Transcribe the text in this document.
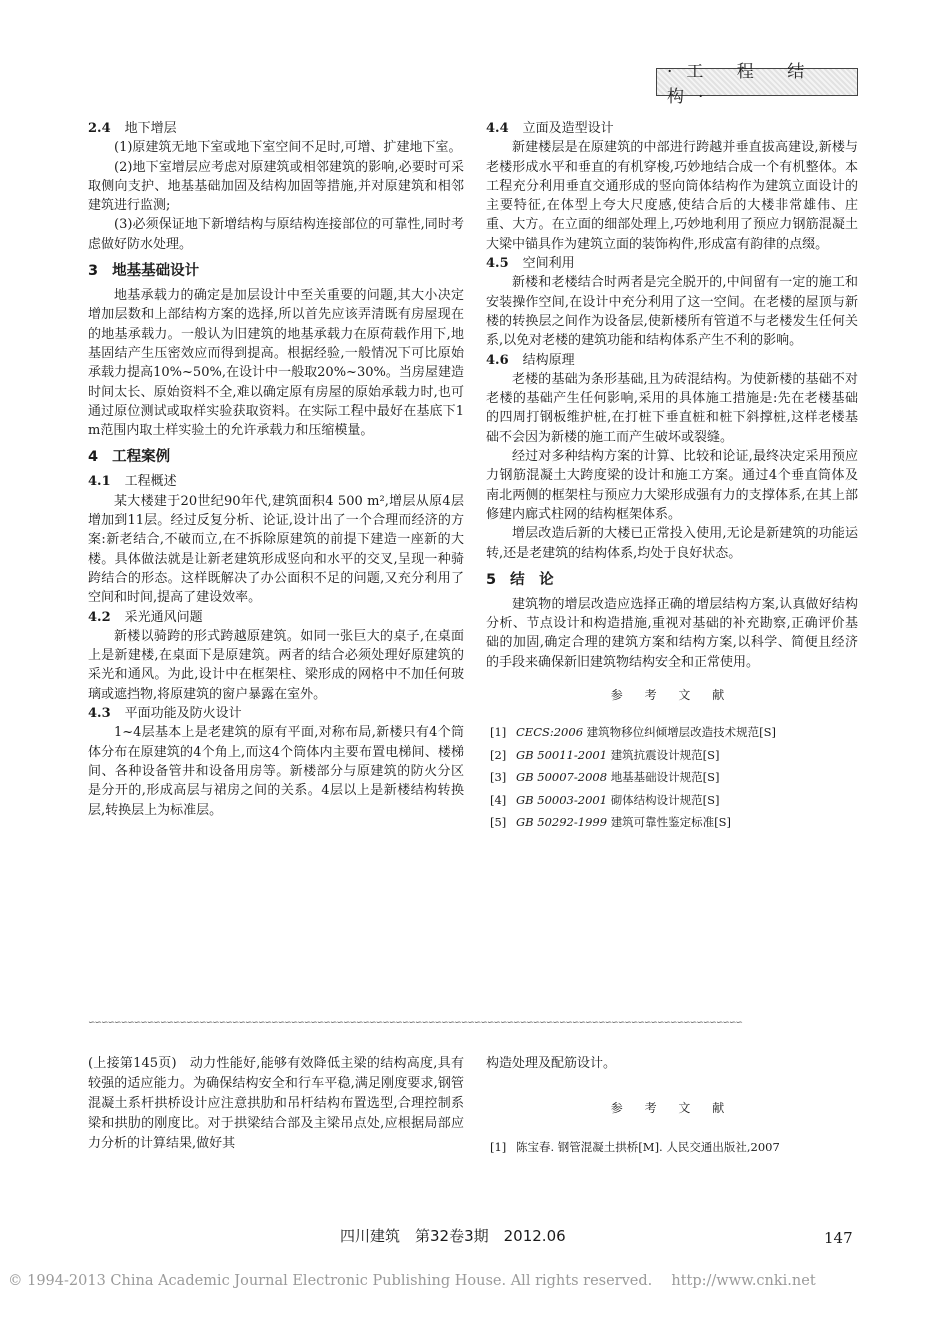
·工 程 结 构·
2.4 地下增层

(1)原建筑无地下室或地下室空间不足时,可增、扩建地下室。

(2)地下室增层应考虑对原建筑或相邻建筑的影响,必要时可采取侧向支护、地基基础加固及结构加固等措施,并对原建筑和相邻建筑进行监测;

(3)必须保证地下新增结构与原结构连接部位的可靠性,同时考虑做好防水处理。

3 地基基础设计

地基承载力的确定是加层设计中至关重要的问题,其大小决定增加层数和上部结构方案的选择,所以首先应该弄清既有房屋现在的地基承载力。一般认为旧建筑的地基承载力在原荷载作用下,地基固结产生压密效应而得到提高。根据经验,一般情况下可比原始承载力提高10%~50%,在设计中一般取20%~30%。当房屋建造时间太长、原始资料不全,难以确定原有房屋的原始承载力时,也可通过原位测试或取样实验获取资料。在实际工程中最好在基底下1 m范围内取土样实验土的允许承载力和压缩模量。

4 工程案例
4.1 工程概述

某大楼建于20世纪90年代,建筑面积4 500 m²,增层从原4层增加到11层。经过反复分析、论证,设计出了一个合理而经济的方案:新老结合,不破而立,在不拆除原建筑的前提下建造一座新的大楼。具体做法就是让新老建筑形成竖向和水平的交叉,呈现一种骑跨结合的形态。这样既解决了办公面积不足的问题,又充分利用了空间和时间,提高了建设效率。

4.2 采光通风问题

新楼以骑跨的形式跨越原建筑。如同一张巨大的桌子,在桌面上是新建楼,在桌面下是原建筑。两者的结合必须处理好原建筑的采光和通风。为此,设计中在框架柱、梁形成的网格中不加任何玻璃或遮挡物,将原建筑的窗户暴露在室外。

4.3 平面功能及防火设计

1~4层基本上是老建筑的原有平面,对称布局,新楼只有4个筒体分布在原建筑的4个角上,而这4个筒体内主要布置电梯间、楼梯间、各种设备管井和设备用房等。新楼部分与原建筑的防火分区是分开的,形成高层与裙房之间的关系。4层以上是新楼结构转换层,转换层上为标准层。

4.4 立面及造型设计

新建楼层是在原建筑的中部进行跨越并垂直拔高建设,新楼与老楼形成水平和垂直的有机穿梭,巧妙地结合成一个有机整体。本工程充分利用垂直交通形成的竖向筒体结构作为建筑立面设计的主要特征,在体型上夸大尺度感,使结合后的大楼非常雄伟、庄重、大方。在立面的细部处理上,巧妙地利用了预应力钢筋混凝土大梁中锚具作为建筑立面的装饰构件,形成富有韵律的点缀。

4.5 空间利用

新楼和老楼结合时两者是完全脱开的,中间留有一定的施工和安装操作空间,在设计中充分利用了这一空间。在老楼的屋顶与新楼的转换层之间作为设备层,使新楼所有管道不与老楼发生任何关系,以免对老楼的建筑功能和结构体系产生不利的影响。

4.6 结构原理

老楼的基础为条形基础,且为砖混结构。为使新楼的基础不对老楼的基础产生任何影响,采用的具体施工措施是:先在老楼基础的四周打钢板维护桩,在打桩下垂直桩和桩下斜撑桩,这样老楼基础不会因为新楼的施工而产生破坏或裂缝。

经过对多种结构方案的计算、比较和论证,最终决定采用预应力钢筋混凝土大跨度梁的设计和施工方案。通过4个垂直筒体及南北两侧的框架柱与预应力大梁形成强有力的支撑体系,在其上部修建内廊式柱网的结构框架体系。

增层改造后新的大楼已正常投入使用,无论是新建筑的功能运转,还是老建筑的结构体系,均处于良好状态。

5 结　论

建筑物的增层改造应选择正确的增层结构方案,认真做好结构分析、节点设计和构造措施,重视对基础的补充勘察,正确评价基础的加固,确定合理的建筑方案和结构方案,以科学、简便且经济的手段来确保新旧建筑物结构安全和正常使用。

参 考 文 献
[1] CECS:2006
建筑物移位纠倾增层改造技术规范[S]
[2] GB 50011-2001
建筑抗震设计规范[S]
[3] GB 50007-2008
地基基础设计规范[S]
[4] GB 50003-2001
砌体结构设计规范[S]
[5] GB 50292-1999
建筑可靠性鉴定标准[S]
∽∽∽∽∽∽∽∽∽∽∽∽∽∽∽∽∽∽∽∽∽∽∽∽∽∽∽∽∽∽∽∽∽∽∽∽∽∽∽∽∽∽∽∽∽∽∽∽∽∽∽∽∽∽∽∽∽∽∽∽∽∽∽∽∽∽∽∽∽∽∽∽∽∽∽∽∽∽∽∽∽∽∽∽∽∽∽∽∽∽∽∽∽∽∽∽∽∽∽∽

(上接第145页)  动力性能好,能够有效降低主梁的结构高度,具有较强的适应能力。为确保结构安全和行车平稳,满足刚度要求,钢管混凝土系杆拱桥设计应注意拱肋和吊杆结构布置选型,合理控制系梁和拱肋的刚度比。对于拱梁结合部及主梁吊点处,应根据局部应力分析的计算结果,做好其

构造处理及配筋设计。

参 考 文 献
[1] 陈宝春. 钢管混凝土拱桥[M]. 人民交通出版社,2007
四川建筑　第32卷3期　2012.06	147
© 1994-2013 China Academic Journal Electronic Publishing House. All rights reserved.　 http://www.cnki.net
